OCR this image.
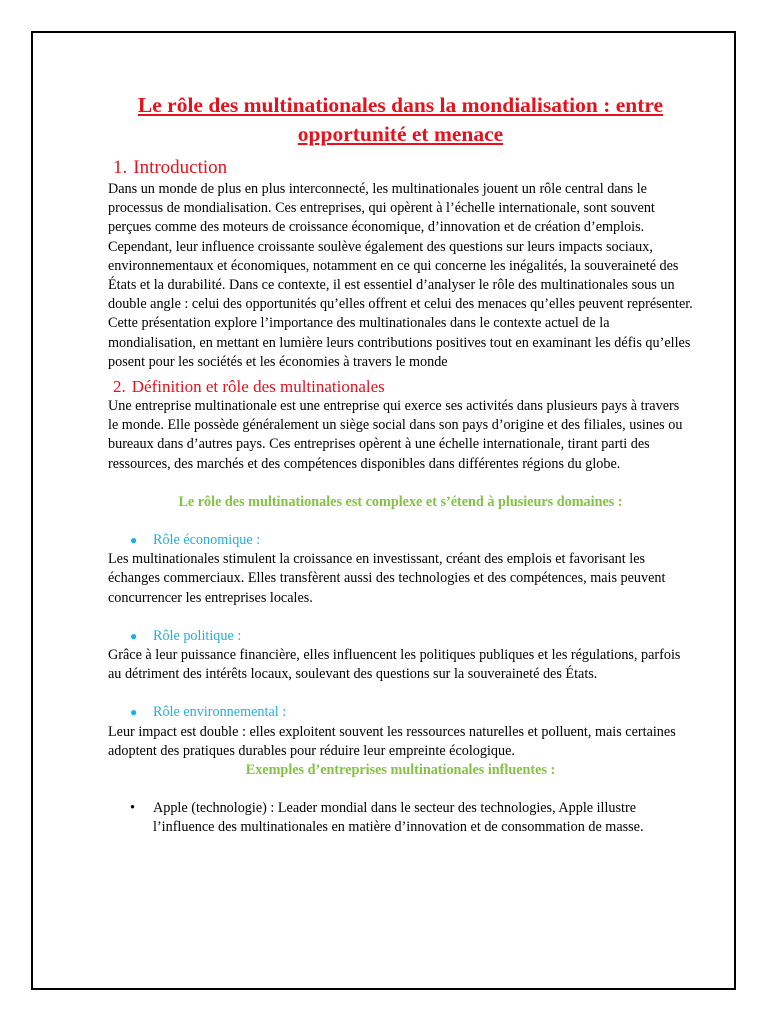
Le rôle des multinationales dans la mondialisation : entre opportunité et menace
1. Introduction

Dans un monde de plus en plus interconnecté, les multinationales jouent un rôle central dans le processus de mondialisation. Ces entreprises, qui opèrent à l’échelle internationale, sont souvent perçues comme des moteurs de croissance économique, d’innovation et de création d’emplois. Cependant, leur influence croissante soulève également des questions sur leurs impacts sociaux, environnementaux et économiques, notamment en ce qui concerne les inégalités, la souveraineté des États et la durabilité. Dans ce contexte, il est essentiel d’analyser le rôle des multinationales sous un double angle : celui des opportunités qu’elles offrent et celui des menaces qu’elles peuvent représenter. Cette présentation explore l’importance des multinationales dans le contexte actuel de la mondialisation, en mettant en lumière leurs contributions positives tout en examinant les défis qu’elles posent pour les sociétés et les économies à travers le monde

2. Définition et rôle des multinationales

Une entreprise multinationale est une entreprise qui exerce ses activités dans plusieurs pays à travers le monde. Elle possède généralement un siège social dans son pays d’origine et des filiales, usines ou bureaux dans d’autres pays. Ces entreprises opèrent à une échelle internationale, tirant parti des ressources, des marchés et des compétences disponibles dans différentes régions du globe.

Le rôle des multinationales est complexe et s’étend à plusieurs domaines :

● Rôle économique :

Les multinationales stimulent la croissance en investissant, créant des emplois et favorisant les échanges commerciaux. Elles transfèrent aussi des technologies et des compétences, mais peuvent concurrencer les entreprises locales.

● Rôle politique :

Grâce à leur puissance financière, elles influencent les politiques publiques et les régulations, parfois au détriment des intérêts locaux, soulevant des questions sur la souveraineté des États.

● Rôle environnemental :

Leur impact est double : elles exploitent souvent les ressources naturelles et polluent, mais certaines adoptent des pratiques durables pour réduire leur empreinte écologique.

Exemples d’entreprises multinationales influentes :

• Apple (technologie) : Leader mondial dans le secteur des technologies, Apple illustre l’influence des multinationales en matière d’innovation et de consommation de masse.
